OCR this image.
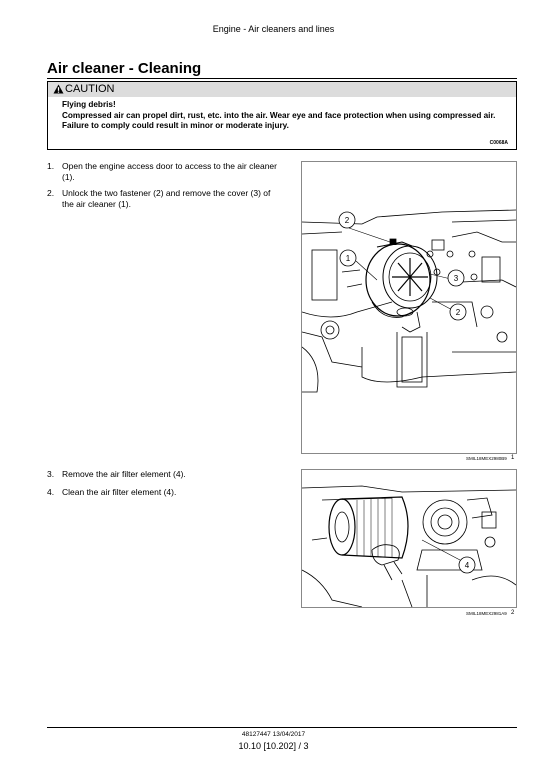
Engine - Air cleaners and lines
Air cleaner - Cleaning
CAUTION
Flying debris!
Compressed air can propel dirt, rust, etc. into the air. Wear eye and face protection when using compressed air.
Failure to comply could result in minor or moderate injury.
C0068A
1. Open the engine access door to access to the air cleaner (1).
2. Unlock the two fastener (2) and remove the cover (3) of the air cleaner (1).
2
1
3
2
SMIL18MEX2980B9 1
3. Remove the air filter element (4).
4. Clean the air filter element (4).
4
SMIL18MEX2981A9 2
48127447 13/04/2017
10.10 [10.202] / 3
